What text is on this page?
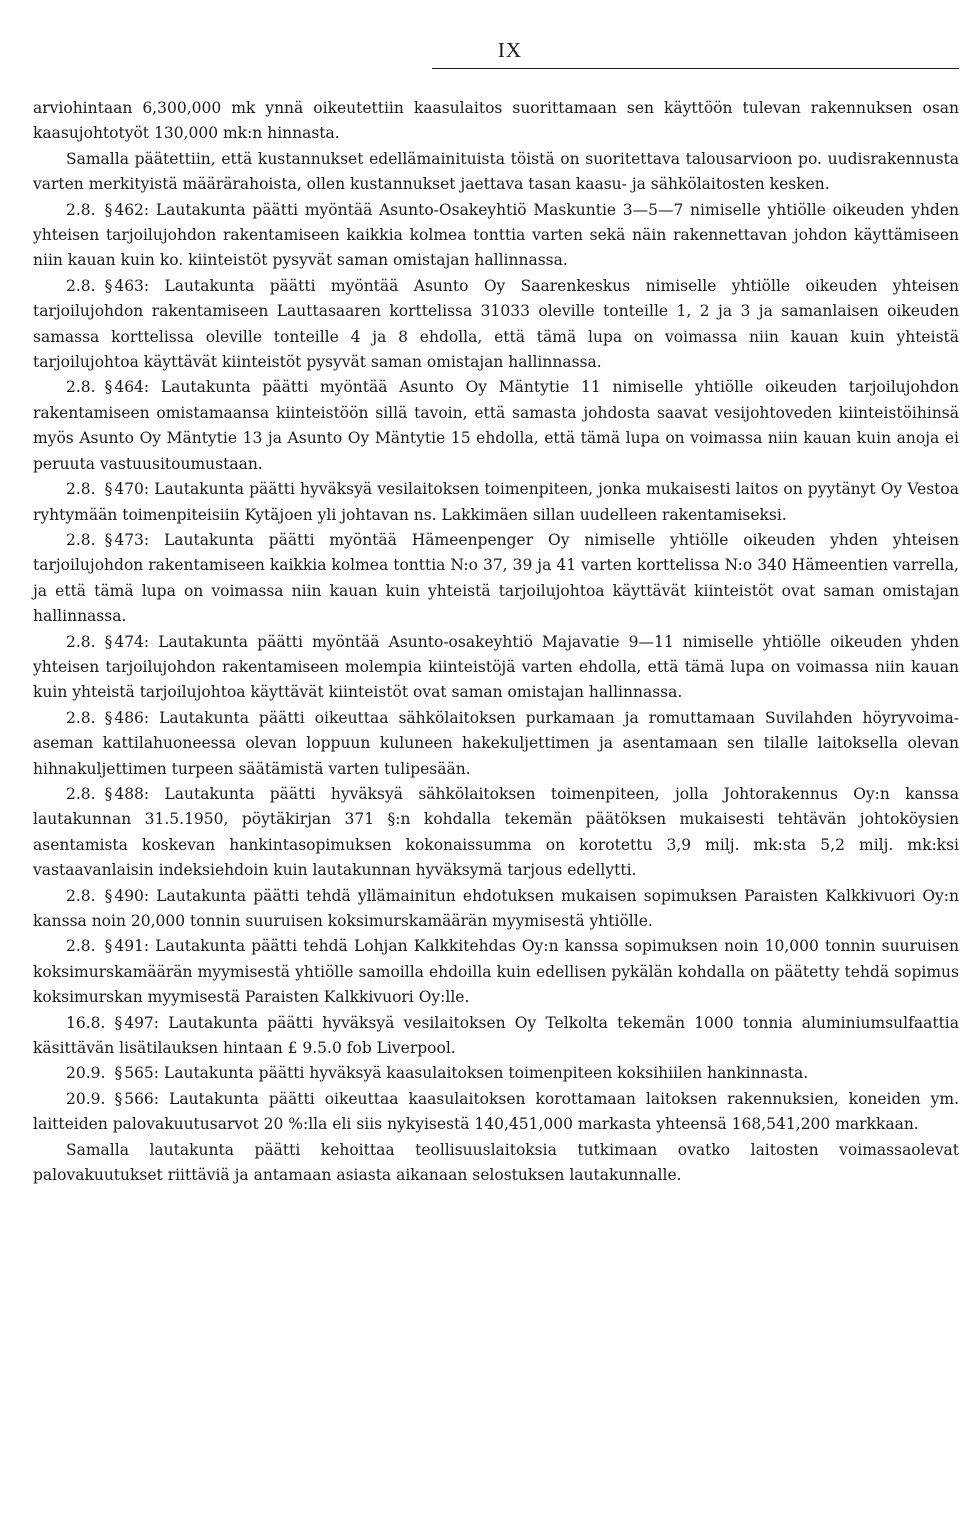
IX

arviohintaan 6,300,000 mk ynnä oikeutettiin kaasulaitos suorittamaan sen käyttöön tulevan rakennuksen osan kaasujohtotyöt 130,000 mk:n hinnasta.

Samalla päätettiin, että kustannukset edellämainituista töistä on suoritettava talousarvioon po. uudisrakennusta varten merkityistä määrärahoista, ollen kustannukset jaettava tasan kaasu- ja sähkölaitosten kesken.

2.8. § 462: Lautakunta päätti myöntää Asunto-Osakeyhtiö Maskuntie 3—5—7 nimiselle yhtiölle oikeuden yhden yhteisen tarjoilujohdon rakentamiseen kaikkia kolmea tonttia varten sekä näin rakennettavan johdon käyttämiseen niin kauan kuin ko. kiinteistöt pysyvät saman omistajan hallinnassa.

2.8. § 463: Lautakunta päätti myöntää Asunto Oy Saarenkeskus nimiselle yhtiölle oikeuden yhteisen tarjoilujohdon rakentamiseen Lauttasaaren korttelissa 31033 oleville tonteille 1, 2 ja 3 ja samanlaisen oikeuden samassa korttelissa oleville tonteille 4 ja 8 ehdolla, että tämä lupa on voimassa niin kauan kuin yhteistä tarjoilujohtoa käyttävät kiinteistöt pysyvät saman omistajan hallinnassa.

2.8. § 464: Lautakunta päätti myöntää Asunto Oy Mäntytie 11 nimiselle yhtiölle oikeuden tarjoilujohdon rakentamiseen omistamaansa kiinteistöön sillä tavoin, että samasta johdosta saavat vesijohtoveden kiinteistöihinsä myös Asunto Oy Mäntytie 13 ja Asunto Oy Mäntytie 15 ehdolla, että tämä lupa on voimassa niin kauan kuin anoja ei peruuta vastuusitoumustaan.

2.8. § 470: Lautakunta päätti hyväksyä vesilaitoksen toimenpiteen, jonka mukaisesti laitos on pyytänyt Oy Vestoa ryhtymään toimenpiteisiin Kytäjoen yli johtavan ns. Lakkimäen sillan uudelleen rakentamiseksi.

2.8. § 473: Lautakunta päätti myöntää Hämeenpenger Oy nimiselle yhtiölle oikeuden yhden yhteisen tarjoilujohdon rakentamiseen kaikkia kolmea tonttia N:o 37, 39 ja 41 varten korttelissa N:o 340 Hämeentien varrella, ja että tämä lupa on voimassa niin kauan kuin yhteistä tarjoilujohtoa käyttävät kiinteistöt ovat saman omistajan hallinnassa.

2.8. § 474: Lautakunta päätti myöntää Asunto-osakeyhtiö Majavatie 9—11 nimiselle yhtiölle oikeuden yhden yhteisen tarjoilujohdon rakentamiseen molempia kiinteistöjä varten ehdolla, että tämä lupa on voimassa niin kauan kuin yhteistä tarjoilujohtoa käyttävät kiinteistöt ovat saman omistajan hallinnassa.

2.8. § 486: Lautakunta päätti oikeuttaa sähkölaitoksen purkamaan ja romuttamaan Suvilahden höyryvoima-aseman kattilahuoneessa olevan loppuun kuluneen hakekuljettimen ja asentamaan sen tilalle laitoksella olevan hihnakuljettimen turpeen säätämistä varten tulipesään.

2.8. § 488: Lautakunta päätti hyväksyä sähkölaitoksen toimenpiteen, jolla Johtorakennus Oy:n kanssa lautakunnan 31.5.1950, pöytäkirjan 371 §:n kohdalla tekemän päätöksen mukaisesti tehtävän johtoköysien asentamista koskevan hankintasopimuksen kokonaissumma on korotettu 3,9 milj. mk:sta 5,2 milj. mk:ksi vastaavanlaisin indeksiehdoin kuin lautakunnan hyväksymä tarjous edellytti.

2.8. § 490: Lautakunta päätti tehdä yllämainitun ehdotuksen mukaisen sopimuksen Paraisten Kalkkivuori Oy:n kanssa noin 20,000 tonnin suuruisen koksimurskamäärän myymisestä yhtiölle.

2.8. § 491: Lautakunta päätti tehdä Lohjan Kalkkitehdas Oy:n kanssa sopimuksen noin 10,000 tonnin suuruisen koksimurskamäärän myymisestä yhtiölle samoilla ehdoilla kuin edellisen pykälän kohdalla on päätetty tehdä sopimus koksimurskan myymisestä Paraisten Kalkkivuori Oy:lle.

16.8. § 497: Lautakunta päätti hyväksyä vesilaitoksen Oy Telkolta tekemän 1000 tonnia aluminiumsulfaattia käsittävän lisätilauksen hintaan £ 9.5.0 fob Liverpool.

20.9. § 565: Lautakunta päätti hyväksyä kaasulaitoksen toimenpiteen koksihiilen hankinnasta.

20.9. § 566: Lautakunta päätti oikeuttaa kaasulaitoksen korottamaan laitoksen rakennuksien, koneiden ym. laitteiden palovakuutusarvot 20 %:lla eli siis nykyisestä 140,451,000 markasta yhteensä 168,541,200 markkaan.

Samalla lautakunta päätti kehoittaa teollisuuslaitoksia tutkimaan ovatko laitosten voimassaolevat palovakuutukset riittäviä ja antamaan asiasta aikanaan selostuksen lautakunnalle.
